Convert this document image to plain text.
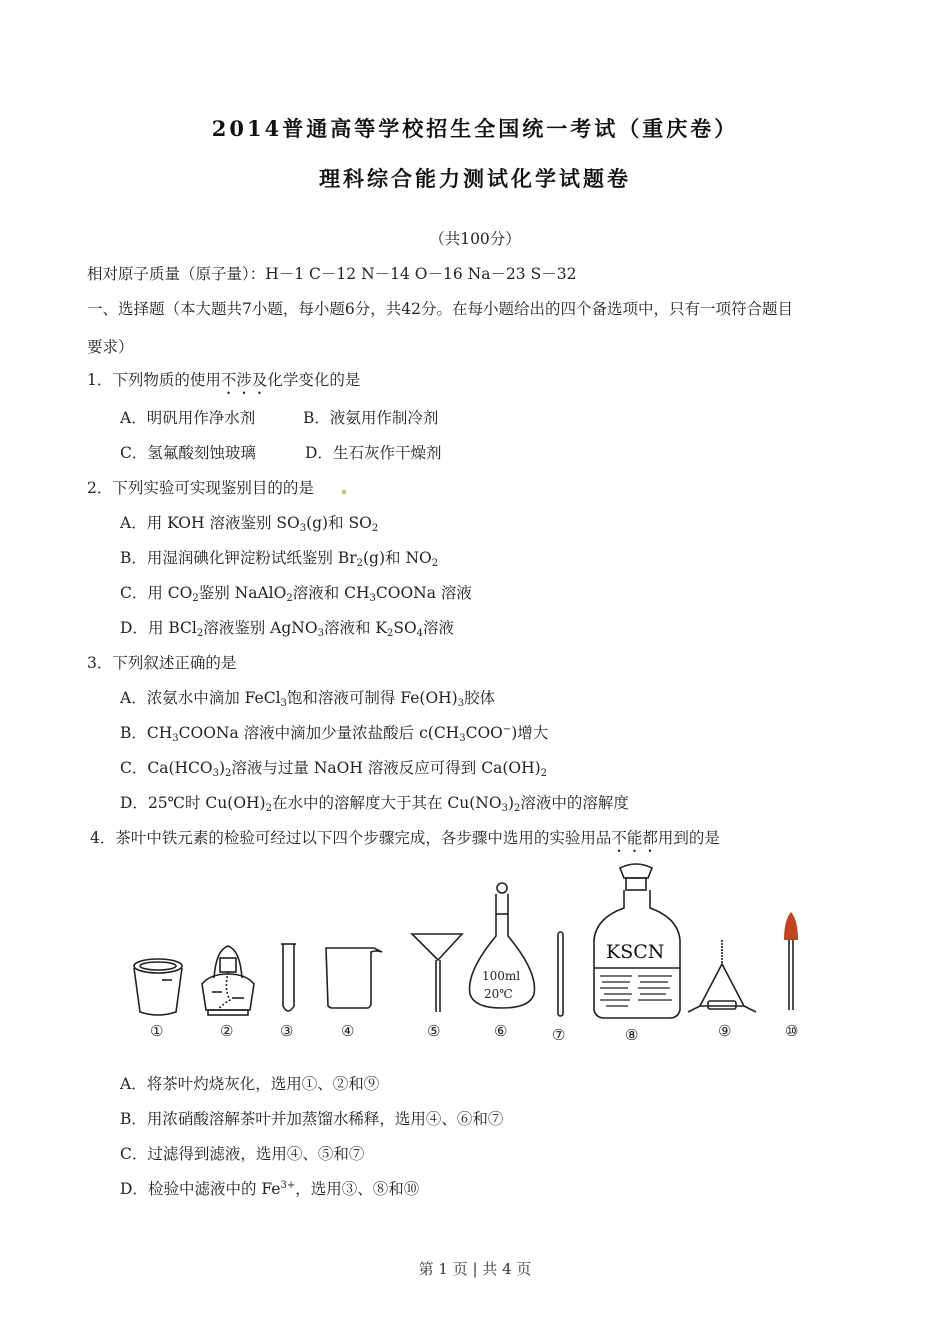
2014普通高等学校招生全国统一考试（重庆卷）
理科综合能力测试化学试题卷
（共100分）
相对原子质量（原子量）：H－1 C－12 N－14 O－16 Na－23 S－32
一、选择题（本大题共7小题，每小题6分，共42分。在每小题给出的四个备选项中，只有一项符合题目
要求）
1．下列物质的使用不涉及化学变化的是
A．明矾用作净水剂	B．液氨用作制冷剂
C．氢氟酸刻蚀玻璃	D．生石灰作干燥剂
2．下列实验可实现鉴别目的的是
A．用 KOH 溶液鉴别 $SO_3(g)$和 $SO_2$
B．用湿润碘化钾淀粉试纸鉴别 $Br_2(g)$和 $NO_2$
C．用 $CO_2$鉴别 NaAlO$_2$溶液和 $CH_3COONa$ 溶液
D．用 BCl$_2$溶液鉴别 AgNO$_3$溶液和 $K_2SO_4$溶液
3．下列叙述正确的是
A．浓氨水中滴加 FeCl$_3$饱和溶液可制得 $Fe(OH)_3$胶体
B．$CH_3COONa$ 溶液中滴加少量浓盐酸后 $c(CH_3COO^-)$增大
C．$Ca(HCO_3)_2$溶液与过量 NaOH 溶液反应可得到 $Ca(OH)_2$
D．25℃时 $Cu(OH)_2$在水中的溶解度大于其在 $Cu(NO_3)_2$溶液中的溶解度
4．茶叶中铁元素的检验可经过以下四个步骤完成，各步骤中选用的实验用品不能都用到的是
100ml
20℃
KSCN
①	②	③	④	⑤	⑥	⑦	⑧	⑨	⑩
A．将茶叶灼烧灰化，选用①、②和⑨
B．用浓硝酸溶解茶叶并加蒸馏水稀释，选用④、⑥和⑦
C．过滤得到滤液，选用④、⑤和⑦
D．检验中滤液中的 $Fe^{3+}$，选用③、⑧和⑩
第 1 页 | 共 4 页
